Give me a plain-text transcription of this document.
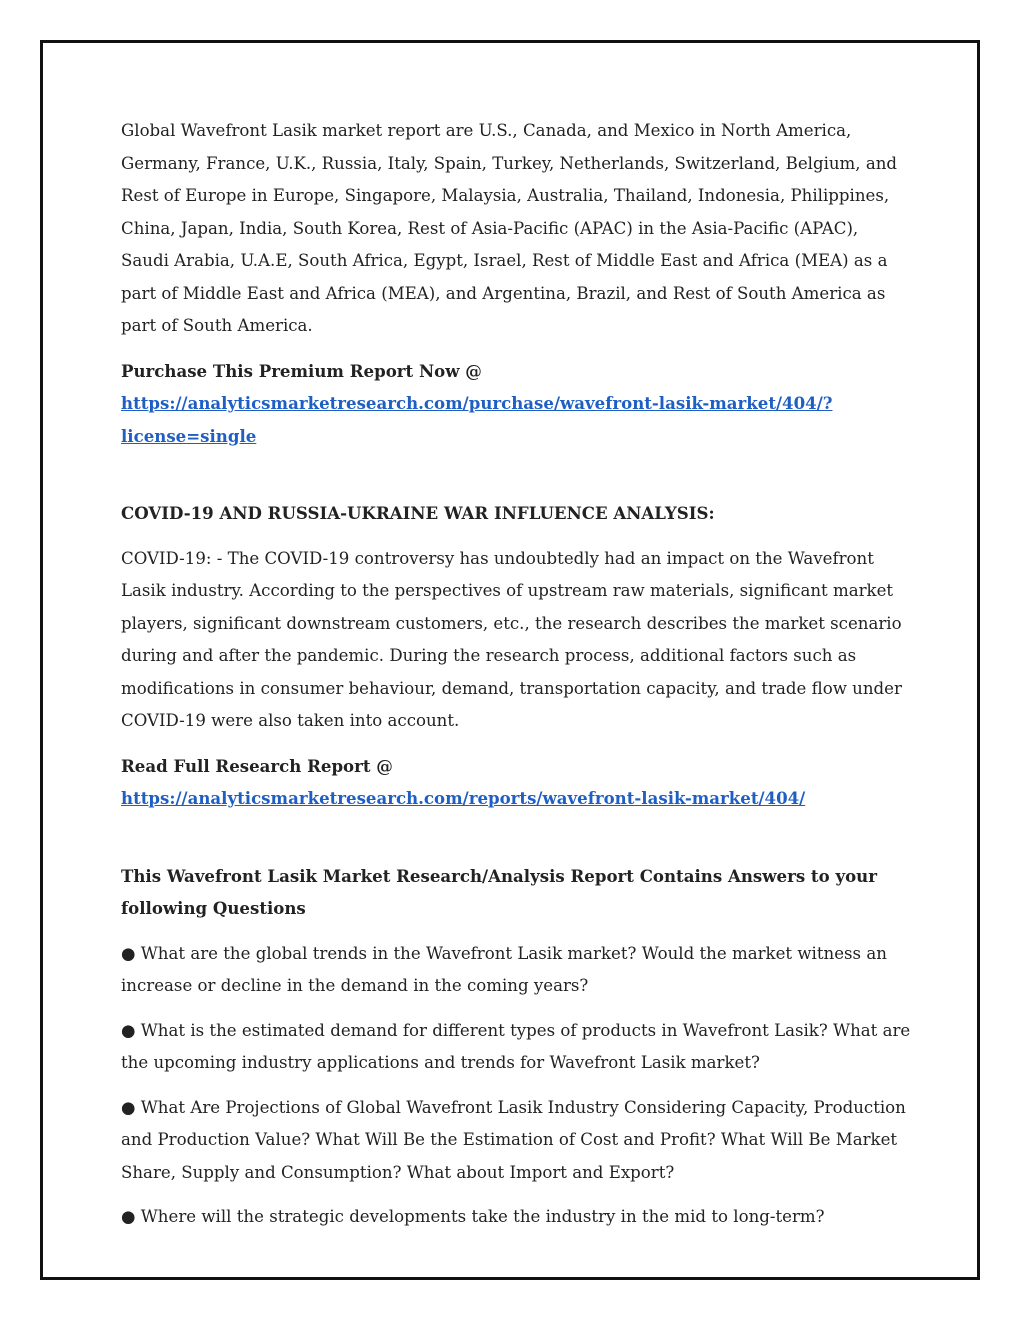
Global Wavefront Lasik market report are U.S., Canada, and Mexico in North America, Germany, France, U.K., Russia, Italy, Spain, Turkey, Netherlands, Switzerland, Belgium, and Rest of Europe in Europe, Singapore, Malaysia, Australia, Thailand, Indonesia, Philippines, China, Japan, India, South Korea, Rest of Asia-Pacific (APAC) in the Asia-Pacific (APAC), Saudi Arabia, U.A.E, South Africa, Egypt, Israel, Rest of Middle East and Africa (MEA) as a part of Middle East and Africa (MEA), and Argentina, Brazil, and Rest of South America as part of South America.

Purchase This Premium Report Now @
https://analyticsmarketresearch.com/purchase/wavefront-lasik-market/404/?license=single

COVID-19 AND RUSSIA-UKRAINE WAR INFLUENCE ANALYSIS:

COVID-19: - The COVID-19 controversy has undoubtedly had an impact on the Wavefront Lasik industry. According to the perspectives of upstream raw materials, significant market players, significant downstream customers, etc., the research describes the market scenario during and after the pandemic. During the research process, additional factors such as modifications in consumer behaviour, demand, transportation capacity, and trade flow under COVID-19 were also taken into account.

Read Full Research Report @ https://analyticsmarketresearch.com/reports/wavefront-lasik-market/404/

This Wavefront Lasik Market Research/Analysis Report Contains Answers to your following Questions

● What are the global trends in the Wavefront Lasik market? Would the market witness an increase or decline in the demand in the coming years?

● What is the estimated demand for different types of products in Wavefront Lasik? What are the upcoming industry applications and trends for Wavefront Lasik market?

● What Are Projections of Global Wavefront Lasik Industry Considering Capacity, Production and Production Value? What Will Be the Estimation of Cost and Profit? What Will Be Market Share, Supply and Consumption? What about Import and Export?

● Where will the strategic developments take the industry in the mid to long-term?
